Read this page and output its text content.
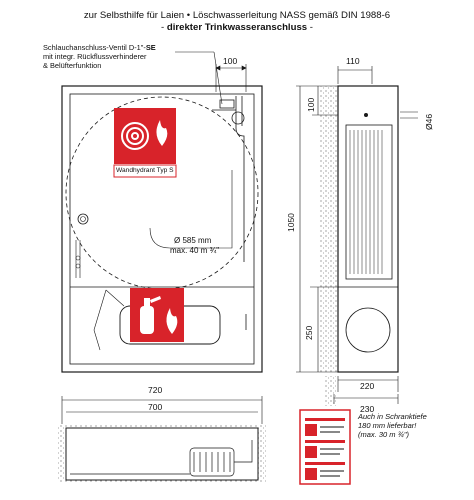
zur Selbsthilfe für Laien • Löschwasserleitung NASS gemäß DIN 1988-6
- direkter Trinkwasseranschluss -
Schlauchanschluss-Ventil D-1"-SE
mit integr. Rückflussverhinderer
& Belüfterfunktion
Wandhydrant Typ S
Ø 585 mm
max. 40 m ¾"
100	110
100
Ø46
1050
250
220
230
720
700
Auch in Schranktiefe
180 mm lieferbar!
(max. 30 m ¾")
